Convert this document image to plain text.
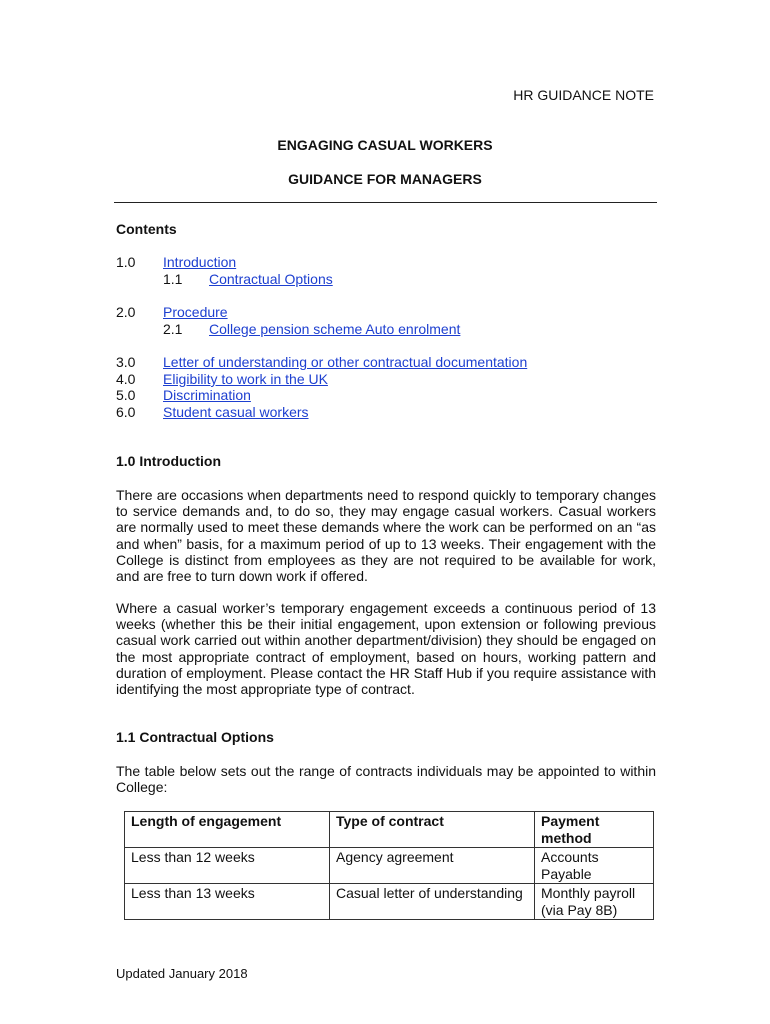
HR GUIDANCE NOTE

ENGAGING CASUAL WORKERS

GUIDANCE FOR MANAGERS

Contents

1.0 Introduction
1.1 Contractual Options
2.0 Procedure
2.1 College pension scheme Auto enrolment
3.0 Letter of understanding or other contractual documentation
4.0 Eligibility to work in the UK
5.0 Discrimination
6.0 Student casual workers

1.0 Introduction

There are occasions when departments need to respond quickly to temporary changes to service demands and, to do so, they may engage casual workers. Casual workers are normally used to meet these demands where the work can be performed on an “as and when” basis, for a maximum period of up to 13 weeks. Their engagement with the College is distinct from employees as they are not required to be available for work, and are free to turn down work if offered.

Where a casual worker’s temporary engagement exceeds a continuous period of 13 weeks (whether this be their initial engagement, upon extension or following previous casual work carried out within another department/division) they should be engaged on the most appropriate contract of employment, based on hours, working pattern and duration of employment. Please contact the HR Staff Hub if you require assistance with identifying the most appropriate type of contract.

1.1 Contractual Options

The table below sets out the range of contracts individuals may be appointed to within College:

Length of engagement	Type of contract	Payment method
Less than 12 weeks	Agency agreement	Accounts Payable
Less than 13 weeks	Casual letter of understanding	Monthly payroll (via Pay 8B)

Updated January 2018
